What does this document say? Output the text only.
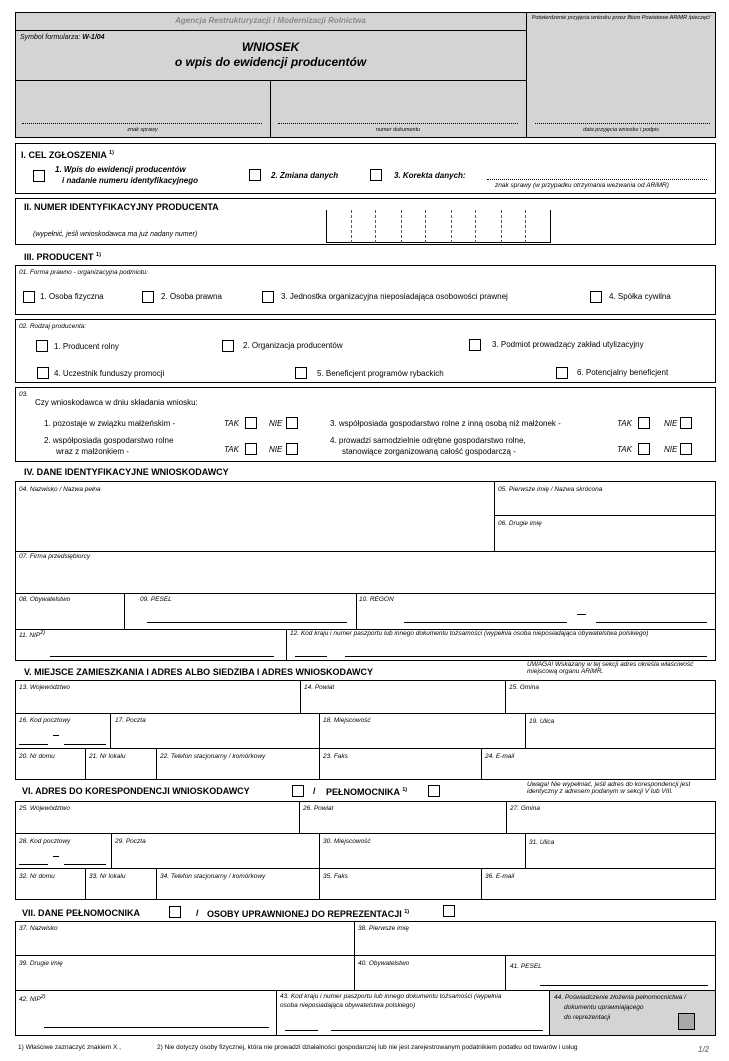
Agencja Restrukturyzacji i Modernizacji Rolnictwa
Symbol formularza: W-1/04
WNIOSEK
o wpis do ewidencji producentów
Potwierdzenie przyjęcia wniosku przez Biuro Powiatowe ARiMR /pieczęć/
znak sprawy	numer dokumentu	data przyjęcia wniosku i podpis
I. CEL ZGŁOSZENIA $^{1)}$
1. Wpis do ewidencji producentów
i nadanie numeru identyfikacyjnego
2. Zmiana danych	3. Korekta danych:
znak sprawy (w przypadku otrzymania wezwania od ARiMR)
II. NUMER IDENTYFIKACYJNY PRODUCENTA
(wypełnić, jeśli wnioskodawca ma już nadany numer)
III. PRODUCENT $^{1)}$
01. Forma prawno - organizacyjna podmiotu:
1. Osoba fizyczna	2. Osoba prawna	3. Jednostka organizacyjna nieposiadająca osobowości prawnej	4. Spółka cywilna
02. Rodzaj producenta:
1. Producent rolny	2. Organizacja producentów	3. Podmiot prowadzący zakład utylizacyjny
4. Uczestnik funduszy promocji	5. Beneficjent programów rybackich	6. Potencjalny beneficjent
03.
Czy wnioskodawca w dniu składania wniosku:
1. pozostaje w związku małżeńskim -	TAK	NIE
2. współposiada gospodarstwo rolne
wraz z małżonkiem -	TAK	NIE
3. współposiada gospodarstwo rolne z inną osobą niż małżonek -	TAK	NIE
4. prowadzi samodzielnie odrębne gospodarstwo rolne,
stanowiące zorganizowaną całość gospodarczą -	TAK	NIE
IV. DANE IDENTYFIKACYJNE WNIOSKODAWCY
04. Nazwisko / Nazwa pełna	05. Pierwsze imię / Nazwa skrócona
06. Drugie imię
07. Firma przedsiębiorcy
08. Obywatelstwo	09. PESEL	10. REGON
11. NIP$^{2)}$	12. Kod kraju i numer paszportu lub innego dokumentu tożsamości (wypełnia osoba nieposiadająca obywatelstwa polskiego)
V. MIEJSCE ZAMIESZKANIA I ADRES ALBO SIEDZIBA I ADRES WNIOSKODAWCY
UWAGA! Wskazany w tej sekcji adres określa właściwość miejscową organu ARiMR.
13. Województwo	14. Powiat	15. Gmina
16. Kod pocztowy	17. Poczta	18. Miejscowość	19. Ulica
20. Nr domu	21. Nr lokalu	22. Telefon stacjonarny / komórkowy	23. Faks	24. E-mail
VI. ADRES DO KORESPONDENCJI WNIOSKODAWCY	/ PEŁNOMOCNIKA $^{1)}$
Uwaga! Nie wypełniać, jeśli adres do korespondencji jest identyczny z adresem podanym w sekcji V lub VIII.
25. Województwo	26. Powiat	27. Gmina
28. Kod pocztowy	29. Poczta	30. Miejscowość	31. Ulica
32. Nr domu	33. Nr lokalu	34. Telefon stacjonarny / komórkowy	35. Faks	36. E-mail
VII. DANE PEŁNOMOCNIKA	/ OSOBY UPRAWNIONEJ DO REPREZENTACJI $^{1)}$
37. Nazwisko	38. Pierwsze imię
39. Drugie imię	40. Obywatelstwo	41. PESEL
42. NIP$^{2)}$	43. Kod kraju i numer paszportu lub innego dokumentu tożsamości (wypełnia
osoba nieposiadająca obywatelstwa polskiego)
44. Poświadczenie złożenia pełnomocnictwa /
dokumentu uprawniającego
do reprezentacji
1) Właściwe zaznaczyć znakiem X ,	2) Nie dotyczy osoby fizycznej, która nie prowadzi działalności gospodarczej lub nie jest zarejestrowanym podatnikiem podatku od towarów i usług	1/2
